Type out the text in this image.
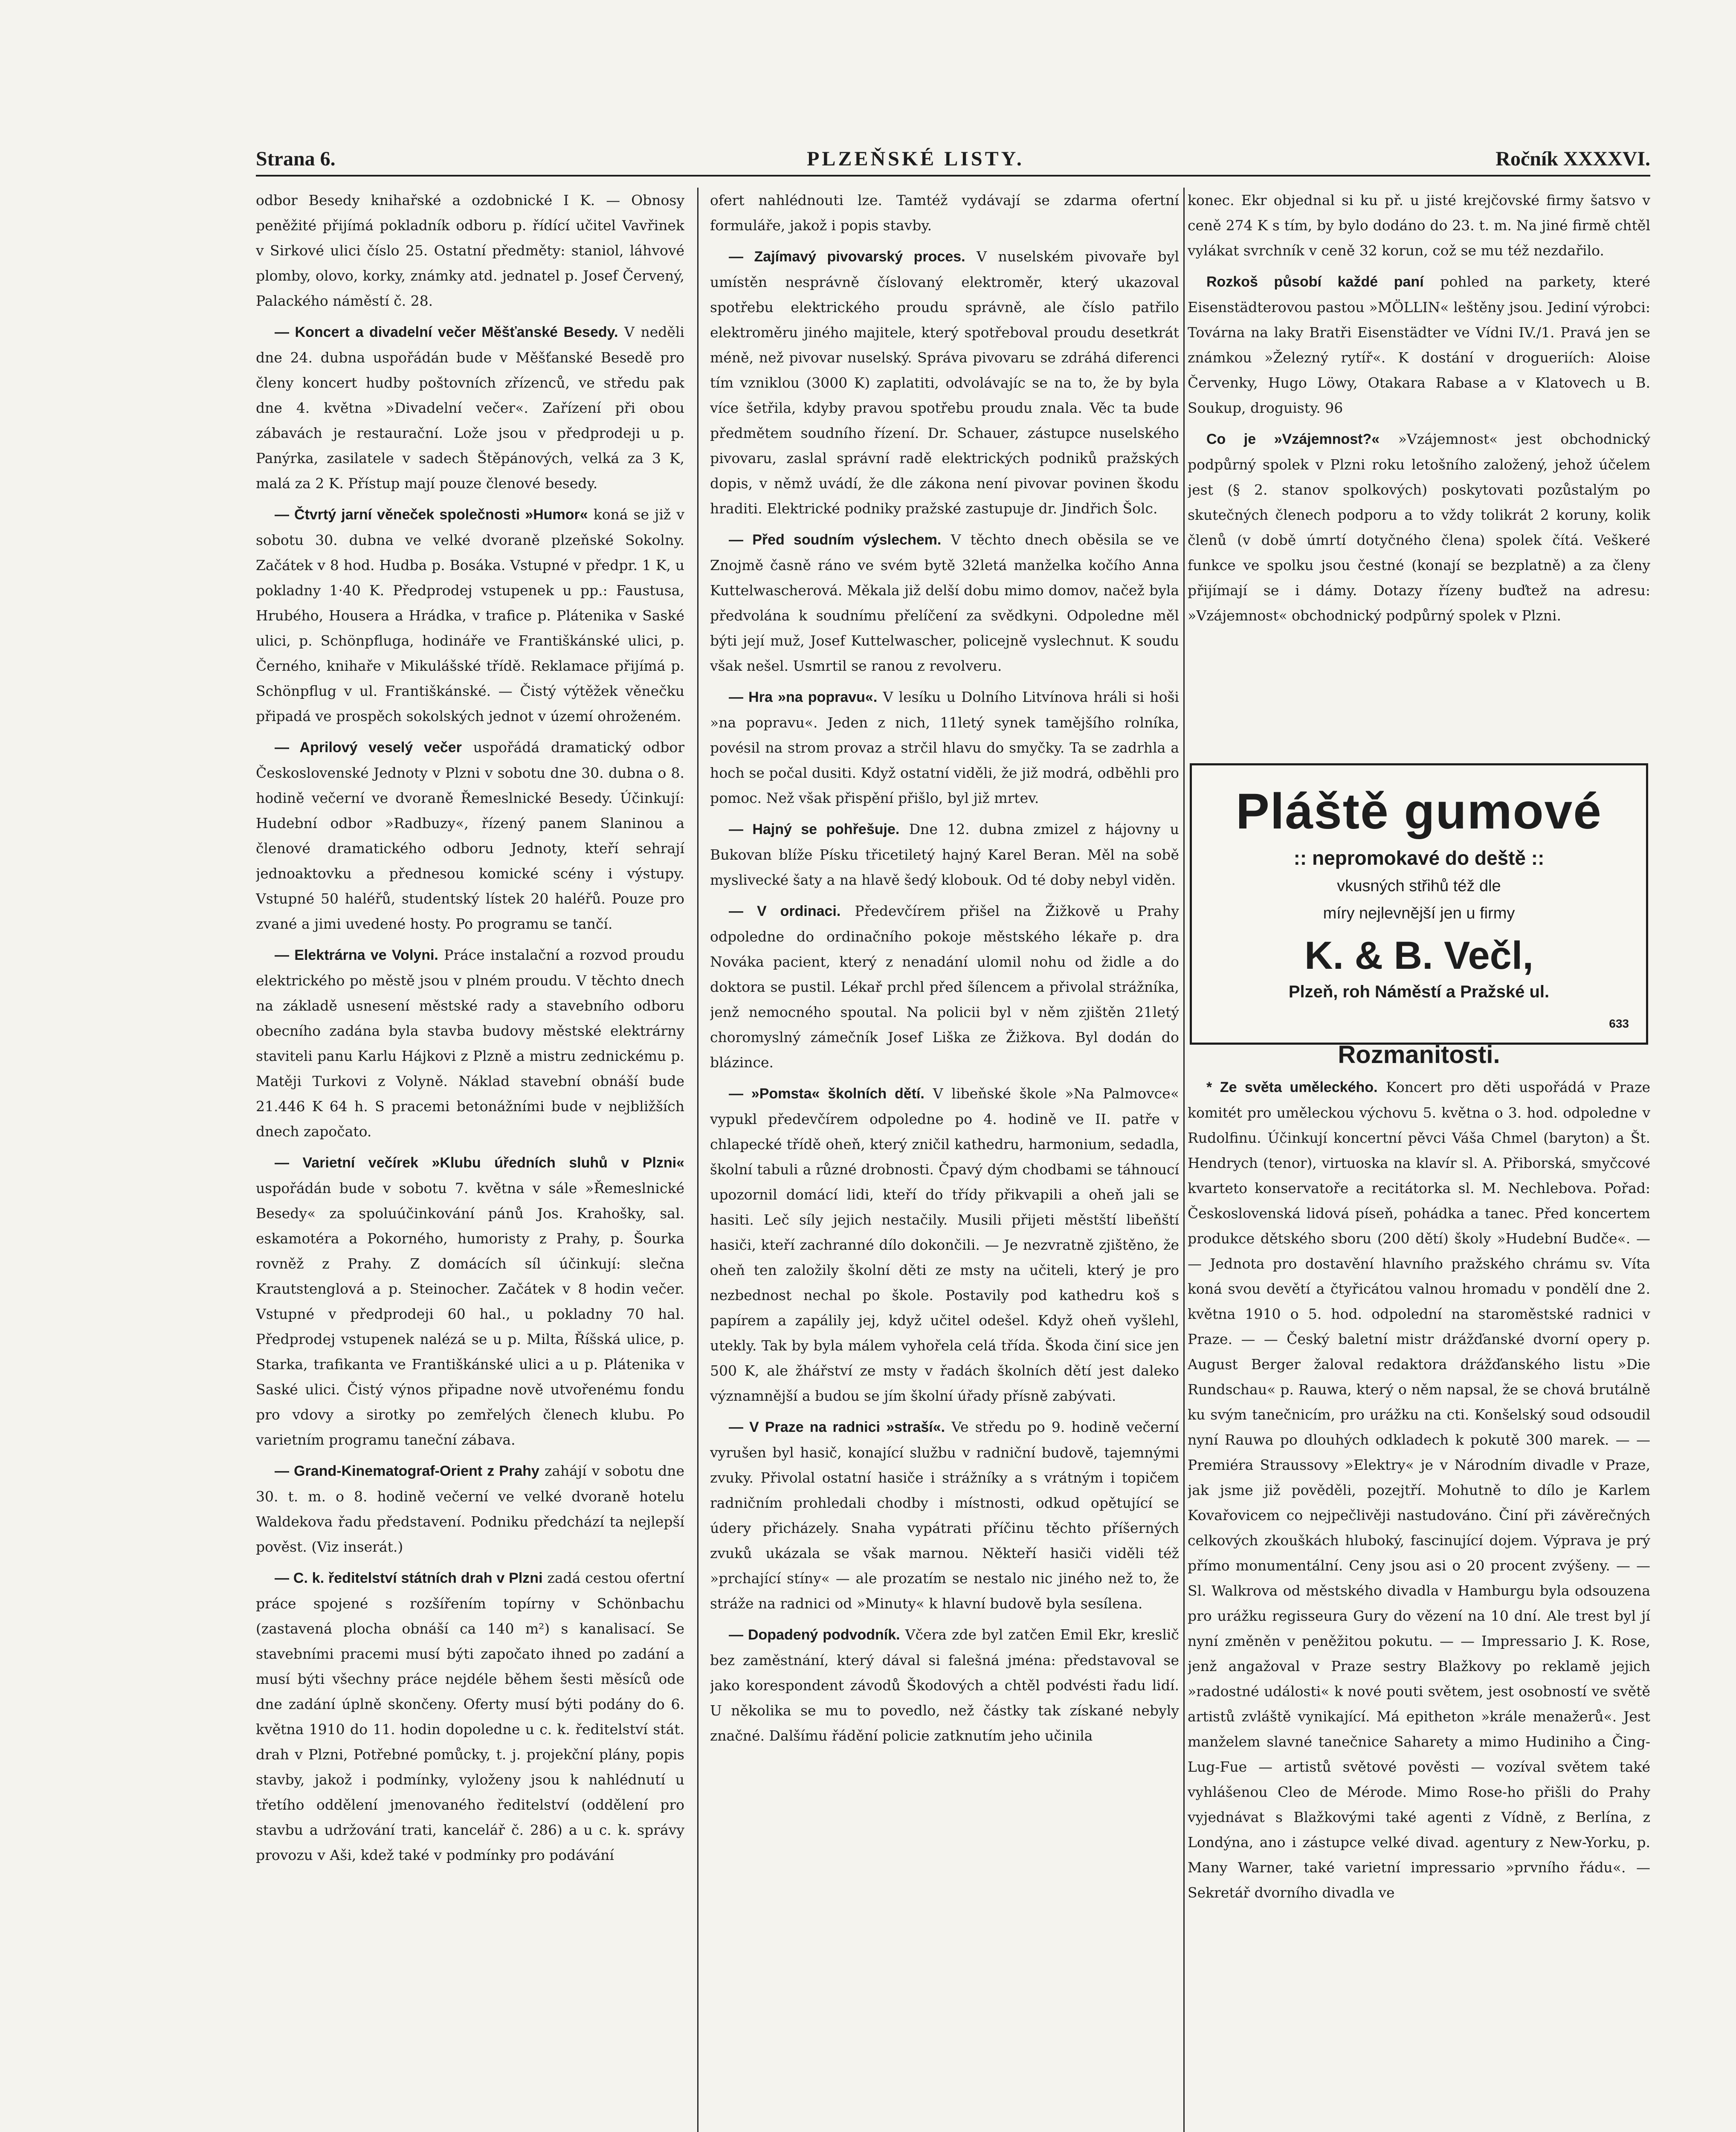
Strana 6.	PLZEŇSKÉ LISTY.	Ročník XXXXVI.

odbor Besedy knihařské a ozdobnické I K. — Obnosy peněžité přijímá pokladník odboru p. řídící učitel Vavřinek v Sirkové ulici číslo 25. Ostatní předměty: staniol, láhvové plomby, olovo, korky, známky atd. jednatel p. Josef Červený, Palackého náměstí č. 28.

— Koncert a divadelní večer Měšťanské Besedy. V neděli dne 24. dubna uspořádán bude v Měšťanské Besedě pro členy koncert hudby poštovních zřízenců, ve středu pak dne 4. května »Divadelní večer«. Zařízení při obou zábavách je restaurační. Lože jsou v předprodeji u p. Panýrka, zasilatele v sadech Štěpánových, velká za 3 K, malá za 2 K. Přístup mají pouze členové besedy.

— Čtvrtý jarní věneček společnosti »Humor« koná se již v sobotu 30. dubna ve velké dvoraně plzeňské Sokolny. Začátek v 8 hod. Hudba p. Bosáka. Vstupné v předpr. 1 K, u pokladny 1·40 K. Předprodej vstupenek u pp.: Faustusa, Hrubého, Housera a Hrádka, v trafice p. Plátenika v Saské ulici, p. Schönpfluga, hodináře ve Františkánské ulici, p. Černého, knihaře v Mikulášské třídě. Reklamace přijímá p. Schönpflug v ul. Františkánské. — Čistý výtěžek věnečku připadá ve prospěch sokolských jednot v území ohroženém.

— Aprilový veselý večer uspořádá dramatický odbor Československé Jednoty v Plzni v sobotu dne 30. dubna o 8. hodině večerní ve dvoraně Řemeslnické Besedy. Účinkují: Hudební odbor »Radbuzy«, řízený panem Slaninou a členové dramatického odboru Jednoty, kteří sehrají jednoaktovku a přednesou komické scény i výstupy. Vstupné 50 haléřů, studentský lístek 20 haléřů. Pouze pro zvané a jimi uvedené hosty. Po programu se tančí.

— Elektrárna ve Volyni. Práce instalační a rozvod proudu elektrického po městě jsou v plném proudu. V těchto dnech na základě usnesení městské rady a stavebního odboru obecního zadána byla stavba budovy městské elektrárny staviteli panu Karlu Hájkovi z Plzně a mistru zednickému p. Matěji Turkovi z Volyně. Náklad stavební obnáší bude 21.446 K 64 h. S pracemi betonážními bude v nejbližších dnech započato.

— Varietní večírek »Klubu úředních sluhů v Plzni« uspořádán bude v sobotu 7. května v sále »Řemeslnické Besedy« za spoluúčinkování pánů Jos. Krahošky, sal. eskamotéra a Pokorného, humoristy z Prahy, p. Šourka rovněž z Prahy. Z domácích síl účinkují: slečna Krautstenglová a p. Steinocher. Začátek v 8 hodin večer. Vstupné v předprodeji 60 hal., u pokladny 70 hal. Předprodej vstupenek nalézá se u p. Milta, Říšská ulice, p. Starka, trafikanta ve Františkánské ulici a u p. Plátenika v Saské ulici. Čistý výnos připadne nově utvořenému fondu pro vdovy a sirotky po zemřelých členech klubu. Po varietním programu taneční zábava.

— Grand-Kinematograf-Orient z Prahy zahájí v sobotu dne 30. t. m. o 8. hodině večerní ve velké dvoraně hotelu Waldekova řadu představení. Podniku předchází ta nejlepší pověst. (Viz inserát.)

— C. k. ředitelství státních drah v Plzni zadá cestou ofertní práce spojené s rozšířením topírny v Schönbachu (zastavená plocha obnáší ca 140 m²) s kanalisací. Se stavebními pracemi musí býti započato ihned po zadání a musí býti všechny práce nejdéle během šesti měsíců ode dne zadání úplně skončeny. Oferty musí býti podány do 6. května 1910 do 11. hodin dopoledne u c. k. ředitelství stát. drah v Plzni, Potřebné pomůcky, t. j. projekční plány, popis stavby, jakož i podmínky, vyloženy jsou k nahlédnutí u třetího oddělení jmenovaného ředitelství (oddělení pro stavbu a udržování trati, kancelář č. 286) a u c. k. správy provozu v Aši, kdež také v podmínky pro podávání

ofert nahlédnouti lze. Tamtéž vydávají se zdarma ofertní formuláře, jakož i popis stavby.

— Zajímavý pivovarský proces. V nuselském pivovaře byl umístěn nesprávně číslovaný elektroměr, který ukazoval spotřebu elektrického proudu správně, ale číslo patřilo elektroměru jiného majitele, který spotřeboval proudu desetkrát méně, než pivovar nuselský. Správa pivovaru se zdráhá diferenci tím vzniklou (3000 K) zaplatiti, odvolávajíc se na to, že by byla více šetřila, kdyby pravou spotřebu proudu znala. Věc ta bude předmětem soudního řízení. Dr. Schauer, zástupce nuselského pivovaru, zaslal správní radě elektrických podniků pražských dopis, v němž uvádí, že dle zákona není pivovar povinen škodu hraditi. Elektrické podniky pražské zastupuje dr. Jindřich Šolc.

— Před soudním výslechem. V těchto dnech oběsila se ve Znojmě časně ráno ve svém bytě 32letá manželka kočího Anna Kuttelwascherová. Měkala již delší dobu mimo domov, načež byla předvolána k soudnímu přelíčení za svědkyni. Odpoledne měl býti její muž, Josef Kuttelwascher, policejně vyslechnut. K soudu však nešel. Usmrtil se ranou z revolveru.

— Hra »na popravu«. V lesíku u Dolního Litvínova hráli si hoši »na popravu«. Jeden z nich, 11letý synek tamějšího rolníka, povésil na strom provaz a strčil hlavu do smyčky. Ta se zadrhla a hoch se počal dusiti. Když ostatní viděli, že již modrá, odběhli pro pomoc. Než však přispění přišlo, byl již mrtev.

— Hajný se pohřešuje. Dne 12. dubna zmizel z hájovny u Bukovan blíže Písku třicetiletý hajný Karel Beran. Měl na sobě myslivecké šaty a na hlavě šedý klobouk. Od té doby nebyl viděn.

— V ordinaci. Předevčírem přišel na Žižkově u Prahy odpoledne do ordinačního pokoje městského lékaře p. dra Nováka pacient, který z nenadání ulomil nohu od židle a do doktora se pustil. Lékař prchl před šílencem a přivolal strážníka, jenž nemocného spoutal. Na policii byl v něm zjištěn 21letý choromyslný zámečník Josef Liška ze Žižkova. Byl dodán do blázince.

— »Pomsta« školních dětí. V libeňské škole »Na Palmovce« vypukl předevčírem odpoledne po 4. hodině ve II. patře v chlapecké třídě oheň, který zničil kathedru, harmonium, sedadla, školní tabuli a různé drobnosti. Čpavý dým chodbami se táhnoucí upozornil domácí lidi, kteří do třídy přikvapili a oheň jali se hasiti. Leč síly jejich nestačily. Musili přijeti městští libeňští hasiči, kteří zachranné dílo dokončili. — Je nezvratně zjištěno, že oheň ten založily školní děti ze msty na učiteli, který je pro nezbednost nechal po škole. Postavily pod kathedru koš s papírem a zapálily jej, když učitel odešel. Když oheň vyšlehl, utekly. Tak by byla málem vyhořela celá třída. Škoda činí sice jen 500 K, ale žhářství ze msty v řadách školních dětí jest daleko významnější a budou se jím školní úřady přísně zabývati.

— V Praze na radnici »straší«. Ve středu po 9. hodině večerní vyrušen byl hasič, konající službu v radniční budově, tajemnými zvuky. Přivolal ostatní hasiče i strážníky a s vrátným i topičem radničním prohledali chodby i místnosti, odkud opětující se údery přicházely. Snaha vypátrati příčinu těchto příšerných zvuků ukázala se však marnou. Někteří hasiči viděli též »prchající stíny« — ale prozatím se nestalo nic jiného než to, že stráže na radnici od »Minuty« k hlavní budově byla sesílena.

— Dopadený podvodník. Včera zde byl zatčen Emil Ekr, kreslič bez zaměstnání, který dával si falešná jména: představoval se jako korespondent závodů Škodových a chtěl podvésti řadu lidí. U několika se mu to povedlo, než částky tak získané nebyly značné. Dalšímu řádění policie zatknutím jeho učinila

konec. Ekr objednal si ku př. u jisté krejčovské firmy šatsvo v ceně 274 K s tím, by bylo dodáno do 23. t. m. Na jiné firmě chtěl vylákat svrchník v ceně 32 korun, což se mu též nezdařilo.

Rozkoš působí každé paní pohled na parkety, které Eisenstädterovou pastou »MÖLLIN« leštěny jsou. Jediní výrobci: Továrna na laky Bratři Eisenstädter ve Vídni IV./1. Pravá jen se známkou »Železný rytíř«. K dostání v drogueriích: Aloise Červenky, Hugo Löwy, Otakara Rabase a v Klatovech u B. Soukup, droguisty. 96

Co je »Vzájemnost?« »Vzájemnost« jest obchodnický podpůrný spolek v Plzni roku letošního založený, jehož účelem jest (§ 2. stanov spolkových) poskytovati pozůstalým po skutečných členech podporu a to vždy tolikrát 2 koruny, kolik členů (v době úmrtí dotyčného člena) spolek čítá. Veškeré funkce ve spolku jsou čestné (konají se bezplatně) a za členy přijímají se i dámy. Dotazy řízeny buďtež na adresu: »Vzájemnost« obchodnický podpůrný spolek v Plzni.

Pláště gumové
:: nepromokavé do deště ::
vkusných střihů též dle
míry nejlevnější jen u firmy
K. & B. Večl,
Plzeň, roh Náměstí a Pražské ul.
633
Rozmanitosti.

* Ze světa uměleckého. Koncert pro děti uspořádá v Praze komitét pro uměleckou výchovu 5. května o 3. hod. odpoledne v Rudolfinu. Účinkují koncertní pěvci Váša Chmel (baryton) a Št. Hendrych (tenor), virtuoska na klavír sl. A. Přiborská, smyčcové kvarteto konservatoře a recitátorka sl. M. Nechlebova. Pořad: Československá lidová píseň, pohádka a tanec. Před koncertem produkce dětského sboru (200 dětí) školy »Hudební Budče«. — — Jednota pro dostavění hlavního pražského chrámu sv. Víta koná svou devětí a čtyřicátou valnou hromadu v pondělí dne 2. května 1910 o 5. hod. odpolední na staroměstské radnici v Praze. — — Český baletní mistr drážďanské dvorní opery p. August Berger žaloval redaktora drážďanského listu »Die Rundschau« p. Rauwa, který o něm napsal, že se chová brutálně ku svým tanečnicím, pro urážku na cti. Konšelský soud odsoudil nyní Rauwa po dlouhých odkladech k pokutě 300 marek. — — Premiéra Straussovy »Elektry« je v Národním divadle v Praze, jak jsme již pověděli, pozejtří. Mohutně to dílo je Karlem Kovařovicem co nejpečlivěji nastudováno. Činí při závěrečných celkových zkouškách hluboký, fascinující dojem. Výprava je prý přímo monumentální. Ceny jsou asi o 20 procent zvýšeny. — — Sl. Walkrova od městského divadla v Hamburgu byla odsouzena pro urážku regisseura Gury do vězení na 10 dní. Ale trest byl jí nyní změněn v peněžitou pokutu. — — Impressario J. K. Rose, jenž angažoval v Praze sestry Blažkovy po reklamě jejich »radostné události« k nové pouti světem, jest osobností ve světě artistů zvláště vynikající. Má epitheton »krále menažerů«. Jest manželem slavné tanečnice Saharety a mimo Hudiniho a Čing-Lug-Fue — artistů světové pověsti — vozíval světem také vyhlášenou Cleo de Mérode. Mimo Rose-ho přišli do Prahy vyjednávat s Blažkovými také agenti z Vídně, z Berlína, z Londýna, ano i zástupce velké divad. agentury z New-Yorku, p. Many Warner, také varietní impressario »prvního řádu«. — Sekretář dvorního divadla ve
